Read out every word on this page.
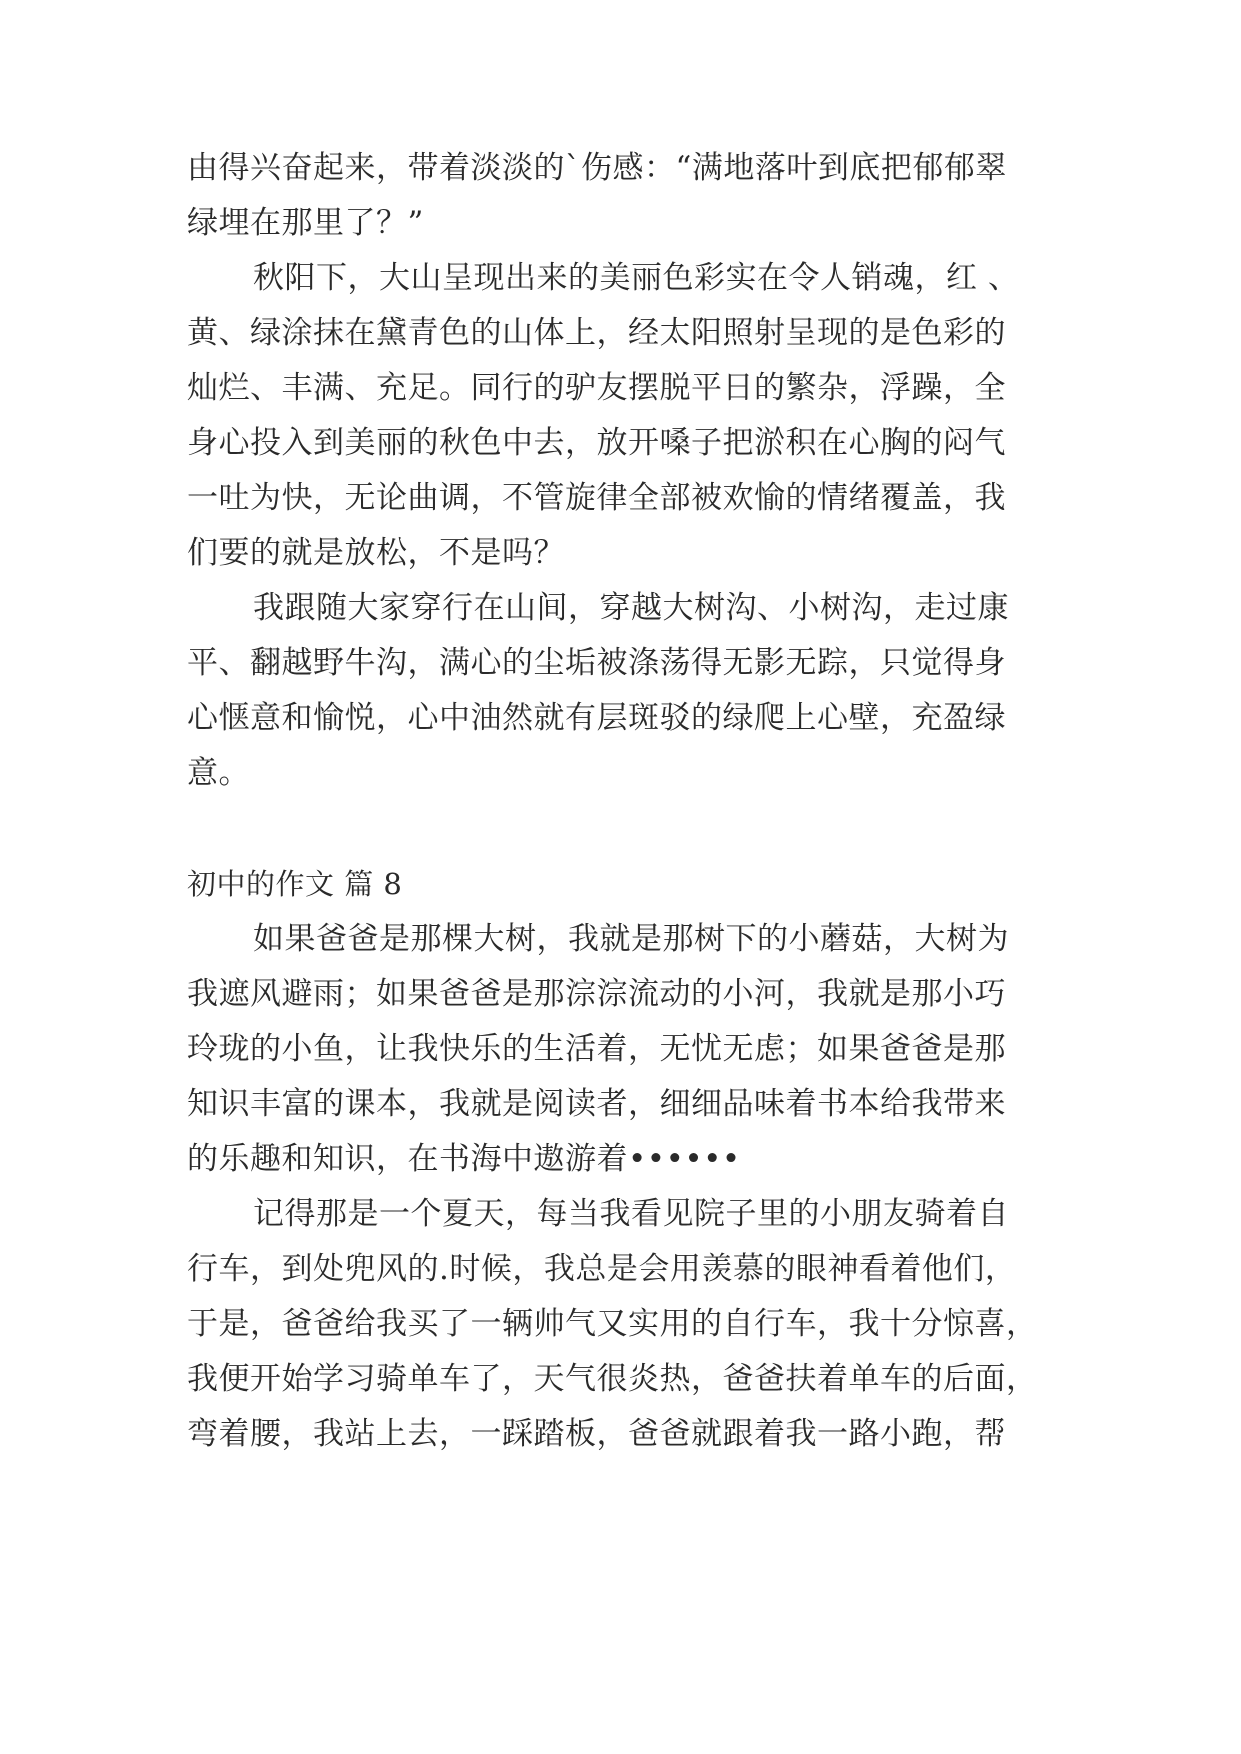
由得兴奋起来，带着淡淡的`伤感：“满地落叶到底把郁郁翠
绿埋在那里了？”
秋阳下，大山呈现出来的美丽色彩实在令人销魂，红 、
黄、绿涂抹在黛青色的山体上，经太阳照射呈现的是色彩的
灿烂、丰满、充足。同行的驴友摆脱平日的繁杂，浮躁，全
身心投入到美丽的秋色中去，放开嗓子把淤积在心胸的闷气
一吐为快，无论曲调，不管旋律全部被欢愉的情绪覆盖，我
们要的就是放松，不是吗？
我跟随大家穿行在山间，穿越大树沟、小树沟，走过康
平、翻越野牛沟，满心的尘垢被涤荡得无影无踪，只觉得身
心惬意和愉悦，心中油然就有层斑驳的绿爬上心壁，充盈绿
意。
初中的作文 篇 8
如果爸爸是那棵大树，我就是那树下的小蘑菇，大树为
我遮风避雨；如果爸爸是那淙淙流动的小河，我就是那小巧
玲珑的小鱼，让我快乐的生活着，无忧无虑；如果爸爸是那
知识丰富的课本，我就是阅读者，细细品味着书本给我带来
的乐趣和知识，在书海中遨游着••••••
记得那是一个夏天，每当我看见院子里的小朋友骑着自
行车，到处兜风的.时候，我总是会用羡慕的眼神看着他们，
于是，爸爸给我买了一辆帅气又实用的自行车，我十分惊喜，
我便开始学习骑单车了，天气很炎热，爸爸扶着单车的后面，
弯着腰，我站上去，一踩踏板，爸爸就跟着我一路小跑，帮
